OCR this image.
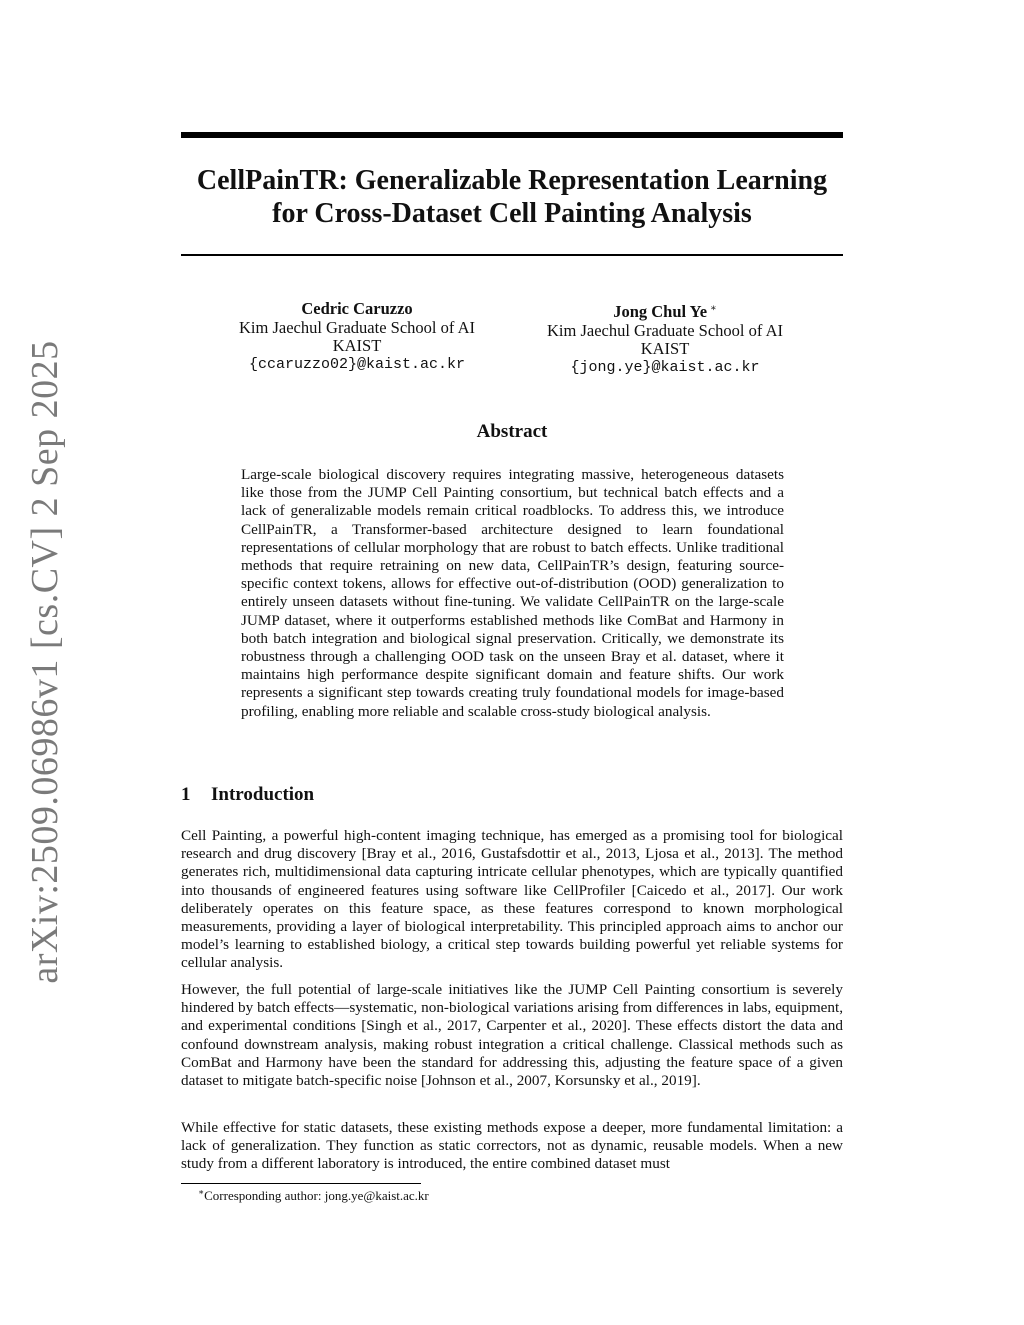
arXiv:2509.06986v1 [cs.CV] 2 Sep 2025
CellPainTR: Generalizable Representation Learning
for Cross-Dataset Cell Painting Analysis
Cedric Caruzzo
Kim Jaechul Graduate School of AI
KAIST
{ccaruzzo02}@kaist.ac.kr
Jong Chul Ye ∗
Kim Jaechul Graduate School of AI
KAIST
{jong.ye}@kaist.ac.kr
Abstract
Large-scale biological discovery requires integrating massive, heterogeneous datasets like those from the JUMP Cell Painting consortium, but technical batch effects and a lack of generalizable models remain critical roadblocks. To address this, we introduce CellPainTR, a Transformer-based architecture designed to learn foundational representations of cellular morphology that are robust to batch effects. Unlike traditional methods that require retraining on new data, CellPainTR’s design, featuring source-specific context tokens, allows for effective out-of-distribution (OOD) generalization to entirely unseen datasets without fine-tuning. We validate CellPainTR on the large-scale JUMP dataset, where it outperforms established methods like ComBat and Harmony in both batch integration and biological signal preservation. Critically, we demonstrate its robustness through a challenging OOD task on the unseen Bray et al. dataset, where it maintains high performance despite significant domain and feature shifts. Our work represents a significant step towards creating truly foundational models for image-based profiling, enabling more reliable and scalable cross-study biological analysis.
1 Introduction
Cell Painting, a powerful high-content imaging technique, has emerged as a promising tool for biological research and drug discovery [Bray et al., 2016, Gustafsdottir et al., 2013, Ljosa et al., 2013]. The method generates rich, multidimensional data capturing intricate cellular phenotypes, which are typically quantified into thousands of engineered features using software like CellProfiler [Caicedo et al., 2017]. Our work deliberately operates on this feature space, as these features correspond to known morphological measurements, providing a layer of biological interpretability. This principled approach aims to anchor our model’s learning to established biology, a critical step towards building powerful yet reliable systems for cellular analysis.
However, the full potential of large-scale initiatives like the JUMP Cell Painting consortium is severely hindered by batch effects—systematic, non-biological variations arising from differences in labs, equipment, and experimental conditions [Singh et al., 2017, Carpenter et al., 2020]. These effects distort the data and confound downstream analysis, making robust integration a critical challenge. Classical methods such as ComBat and Harmony have been the standard for addressing this, adjusting the feature space of a given dataset to mitigate batch-specific noise [Johnson et al., 2007, Korsunsky et al., 2019].
While effective for static datasets, these existing methods expose a deeper, more fundamental limitation: a lack of generalization. They function as static correctors, not as dynamic, reusable models. When a new study from a different laboratory is introduced, the entire combined dataset must
∗Corresponding author: jong.ye@kaist.ac.kr
